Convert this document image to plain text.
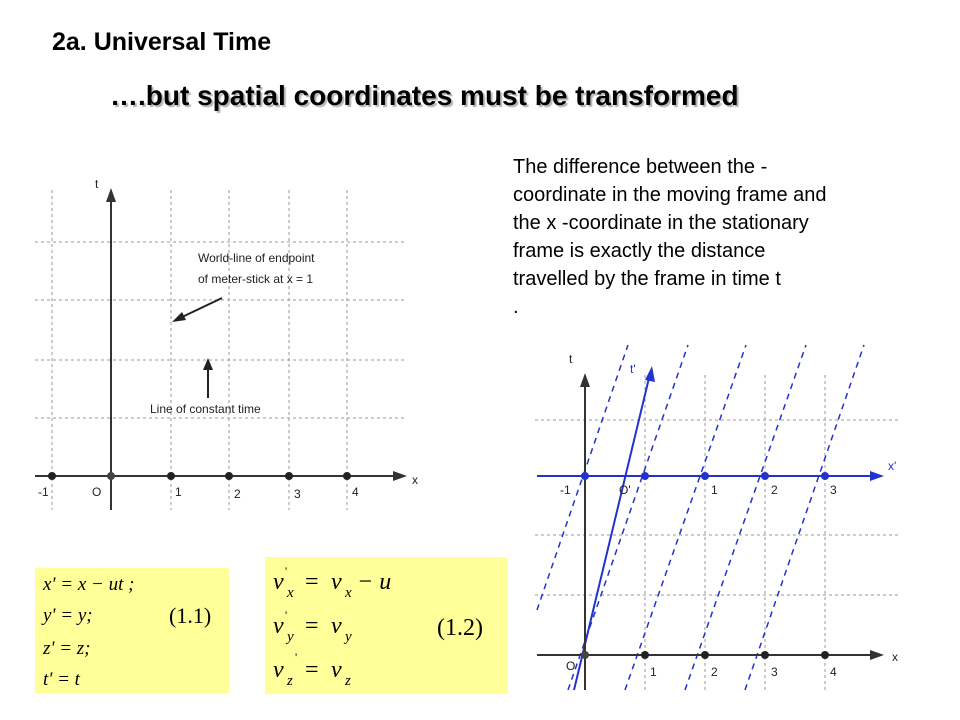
2a. Universal Time
….but spatial coordinates must be transformed
The difference between the -
coordinate in the moving frame and
the x -coordinate in the stationary
frame is exactly the distance
travelled by the frame in time t
.
t
x
O
-1	1	2	3	4
World-line of endpoint
of meter-stick at x = 1
Line of constant time
t
t'
x'
x
-1	O'	1	2	3
O	1	2	3	4
x' = x − ut ;
y' = y;
z' = z;
t' = t
(1.1)
v x
' = v x − u
v y
' = v y
v z
' = v z
(1.2)
